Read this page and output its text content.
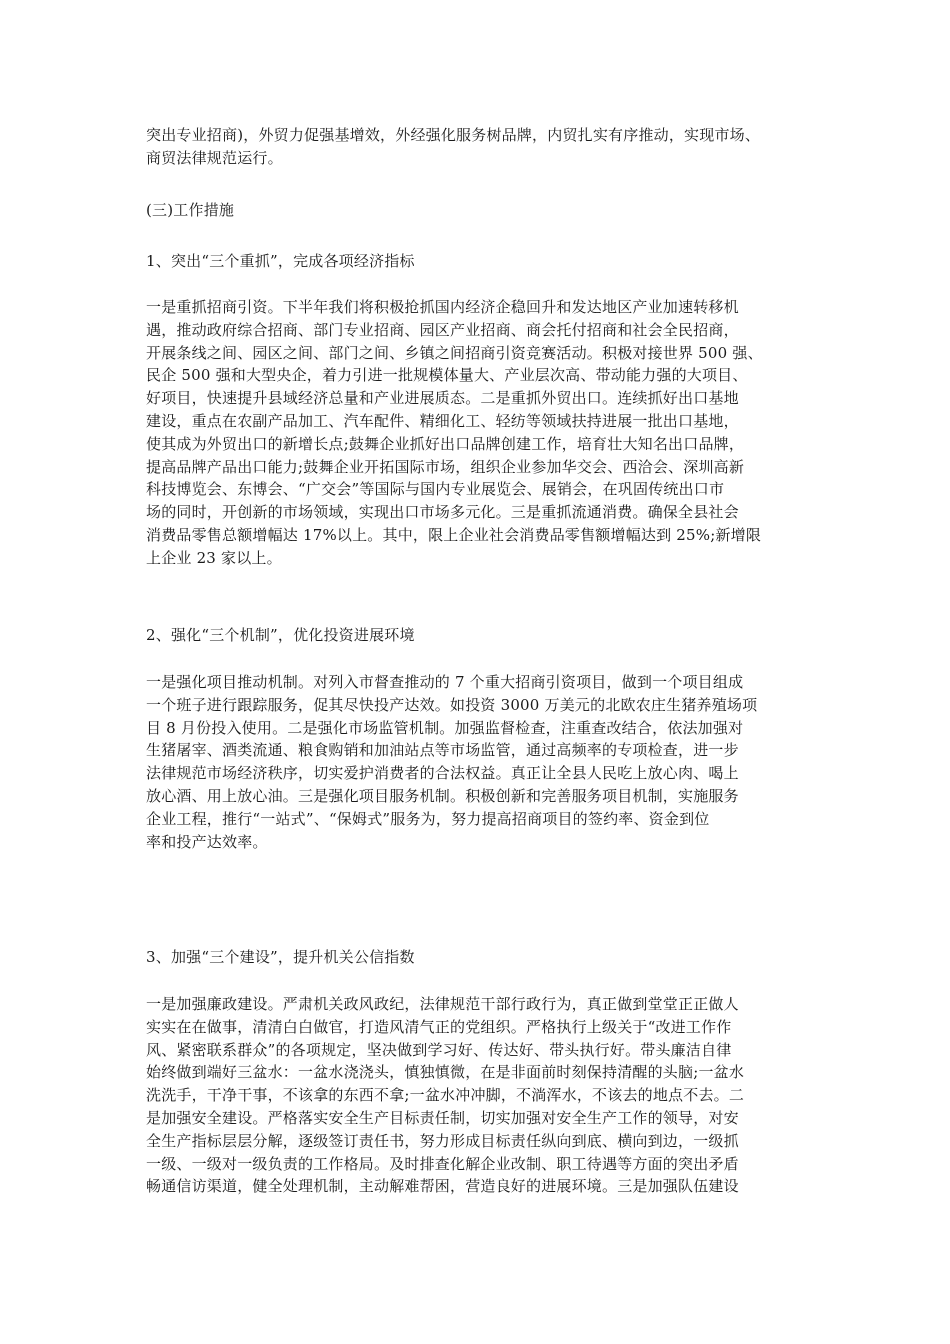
突出专业招商)，外贸力促强基增效，外经强化服务树品牌，内贸扎实有序推动，实现市场、
商贸法律规范运行。

(三)工作措施

1、突出“三个重抓”，完成各项经济指标

一是重抓招商引资。下半年我们将积极抢抓国内经济企稳回升和发达地区产业加速转移机
遇，推动政府综合招商、部门专业招商、园区产业招商、商会托付招商和社会全民招商，
开展条线之间、园区之间、部门之间、乡镇之间招商引资竞赛活动。积极对接世界 500 强、
民企 500 强和大型央企，着力引进一批规模体量大、产业层次高、带动能力强的大项目、
好项目，快速提升县域经济总量和产业进展质态。二是重抓外贸出口。连续抓好出口基地
建设，重点在农副产品加工、汽车配件、精细化工、轻纺等领域扶持进展一批出口基地，
使其成为外贸出口的新增长点;鼓舞企业抓好出口品牌创建工作，培育壮大知名出口品牌，
提高品牌产品出口能力;鼓舞企业开拓国际市场，组织企业参加华交会、西洽会、深圳高新
科技博览会、东博会、“广交会”等国际与国内专业展览会、展销会，在巩固传统出口市
场的同时，开创新的市场领域，实现出口市场多元化。三是重抓流通消费。确保全县社会
消费品零售总额增幅达 17%以上。其中，限上企业社会消费品零售额增幅达到 25%;新增限
上企业 23 家以上。

2、强化“三个机制”，优化投资进展环境

一是强化项目推动机制。对列入市督查推动的 7 个重大招商引资项目，做到一个项目组成
一个班子进行跟踪服务，促其尽快投产达效。如投资 3000 万美元的北欧农庄生猪养殖场项
目 8 月份投入使用。二是强化市场监管机制。加强监督检查，注重查改结合，依法加强对
生猪屠宰、酒类流通、粮食购销和加油站点等市场监管，通过高频率的专项检查，进一步
法律规范市场经济秩序，切实爱护消费者的合法权益。真正让全县人民吃上放心肉、喝上
放心酒、用上放心油。三是强化项目服务机制。积极创新和完善服务项目机制，实施服务
企业工程，推行“一站式”、“保姆式”服务为，努力提高招商项目的签约率、资金到位
率和投产达效率。

3、加强“三个建设”，提升机关公信指数

一是加强廉政建设。严肃机关政风政纪，法律规范干部行政行为，真正做到堂堂正正做人
实实在在做事，清清白白做官，打造风清气正的党组织。严格执行上级关于“改进工作作
风、紧密联系群众”的各项规定，坚决做到学习好、传达好、带头执行好。带头廉洁自律
始终做到端好三盆水：一盆水浇浇头，慎独慎微，在是非面前时刻保持清醒的头脑;一盆水
洗洗手，干净干事，不该拿的东西不拿;一盆水冲冲脚，不淌浑水，不该去的地点不去。二
是加强安全建设。严格落实安全生产目标责任制，切实加强对安全生产工作的领导，对安
全生产指标层层分解，逐级签订责任书，努力形成目标责任纵向到底、横向到边，一级抓
一级、一级对一级负责的工作格局。及时排查化解企业改制、职工待遇等方面的突出矛盾
畅通信访渠道，健全处理机制，主动解难帮困，营造良好的进展环境。三是加强队伍建设
